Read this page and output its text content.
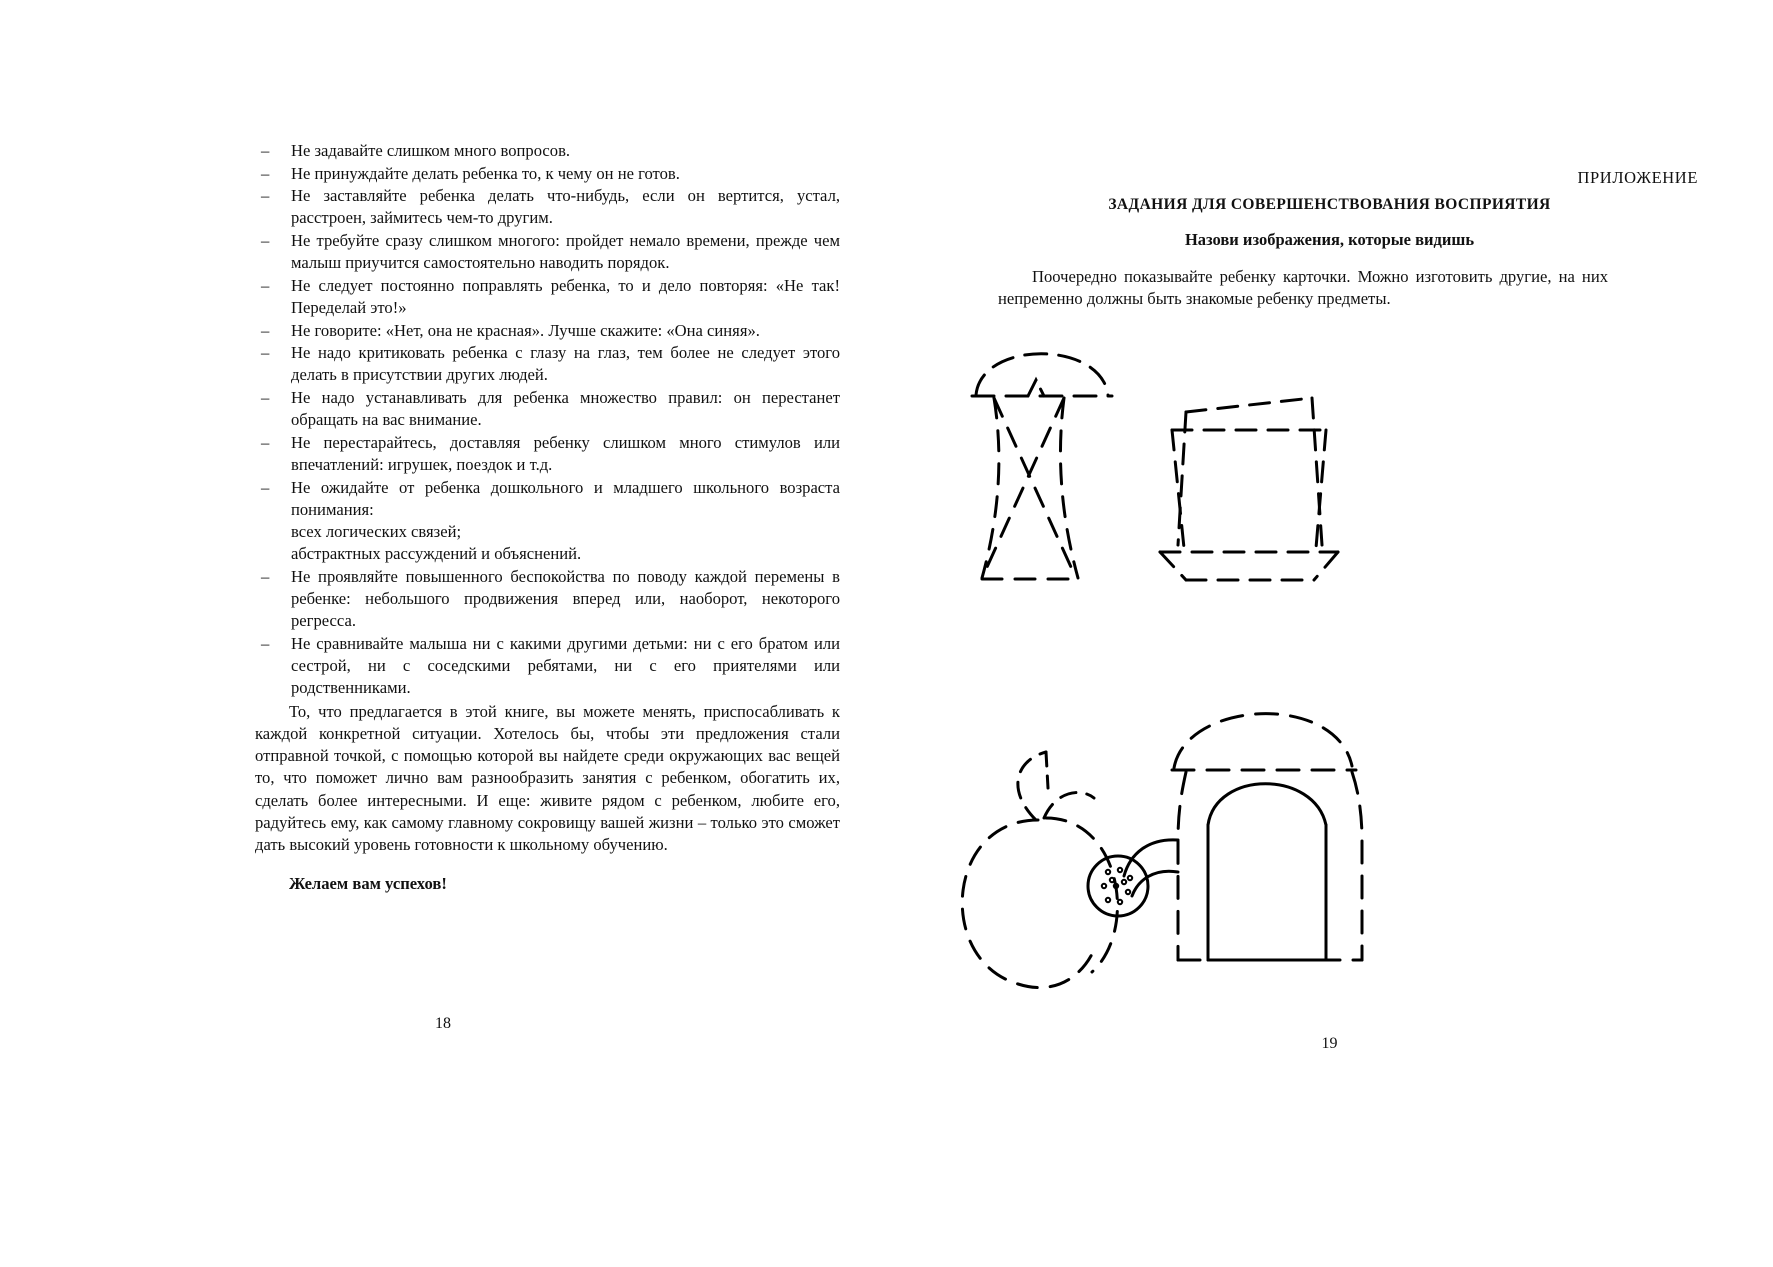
– Не задавайте слишком много вопросов.
– Не принуждайте делать ребенка то, к чему он не готов.
– Не заставляйте ребенка делать что-нибудь, если он вертится, устал, расстроен, займитесь чем-то другим.
– Не требуйте сразу слишком многого: пройдет немало времени, прежде чем малыш приучится самостоятельно наводить порядок.
– Не следует постоянно поправлять ребенка, то и дело повторяя: «Не так! Переделай это!»
– Не говорите: «Нет, она не красная». Лучше скажите: «Она синяя».
– Не надо критиковать ребенка с глазу на глаз, тем более не следует этого делать в присутствии других людей.
– Не надо устанавливать для ребенка множество правил: он перестанет обращать на вас внимание.
– Не перестарайтесь, доставляя ребенку слишком много стимулов или впечатлений: игрушек, поездок и т.д.
– Не ожидайте от ребенка дошкольного и младшего школьного возраста понимания:
всех логических связей;
абстрактных рассуждений и объяснений.
– Не проявляйте повышенного беспокойства по поводу каждой перемены в ребенке: небольшого продвижения вперед или, наоборот, некоторого регресса.
– Не сравнивайте малыша ни с какими другими детьми: ни с его братом или сестрой, ни с соседскими ребятами, ни с его приятелями или родственниками.

То, что предлагается в этой книге, вы можете менять, приспосабливать к каждой конкретной ситуации. Хотелось бы, чтобы эти предложения стали отправной точкой, с помощью которой вы найдете среди окружающих вас вещей то, что поможет лично вам разнообразить занятия с ребенком, обогатить их, сделать более интересными. И еще: живите рядом с ребенком, любите его, радуйтесь ему, как самому главному сокровищу вашей жизни – только это сможет дать высокий уровень готовности к школьному обучению.

Желаем вам успехов!

18
ПРИЛОЖЕНИЕ
ЗАДАНИЯ ДЛЯ СОВЕРШЕНСТВОВАНИЯ ВОСПРИЯТИЯ
Назови изображения, которые видишь
Поочередно показывайте ребенку карточки. Можно изготовить другие, на них непременно должны быть знакомые ребенку предметы.
19
